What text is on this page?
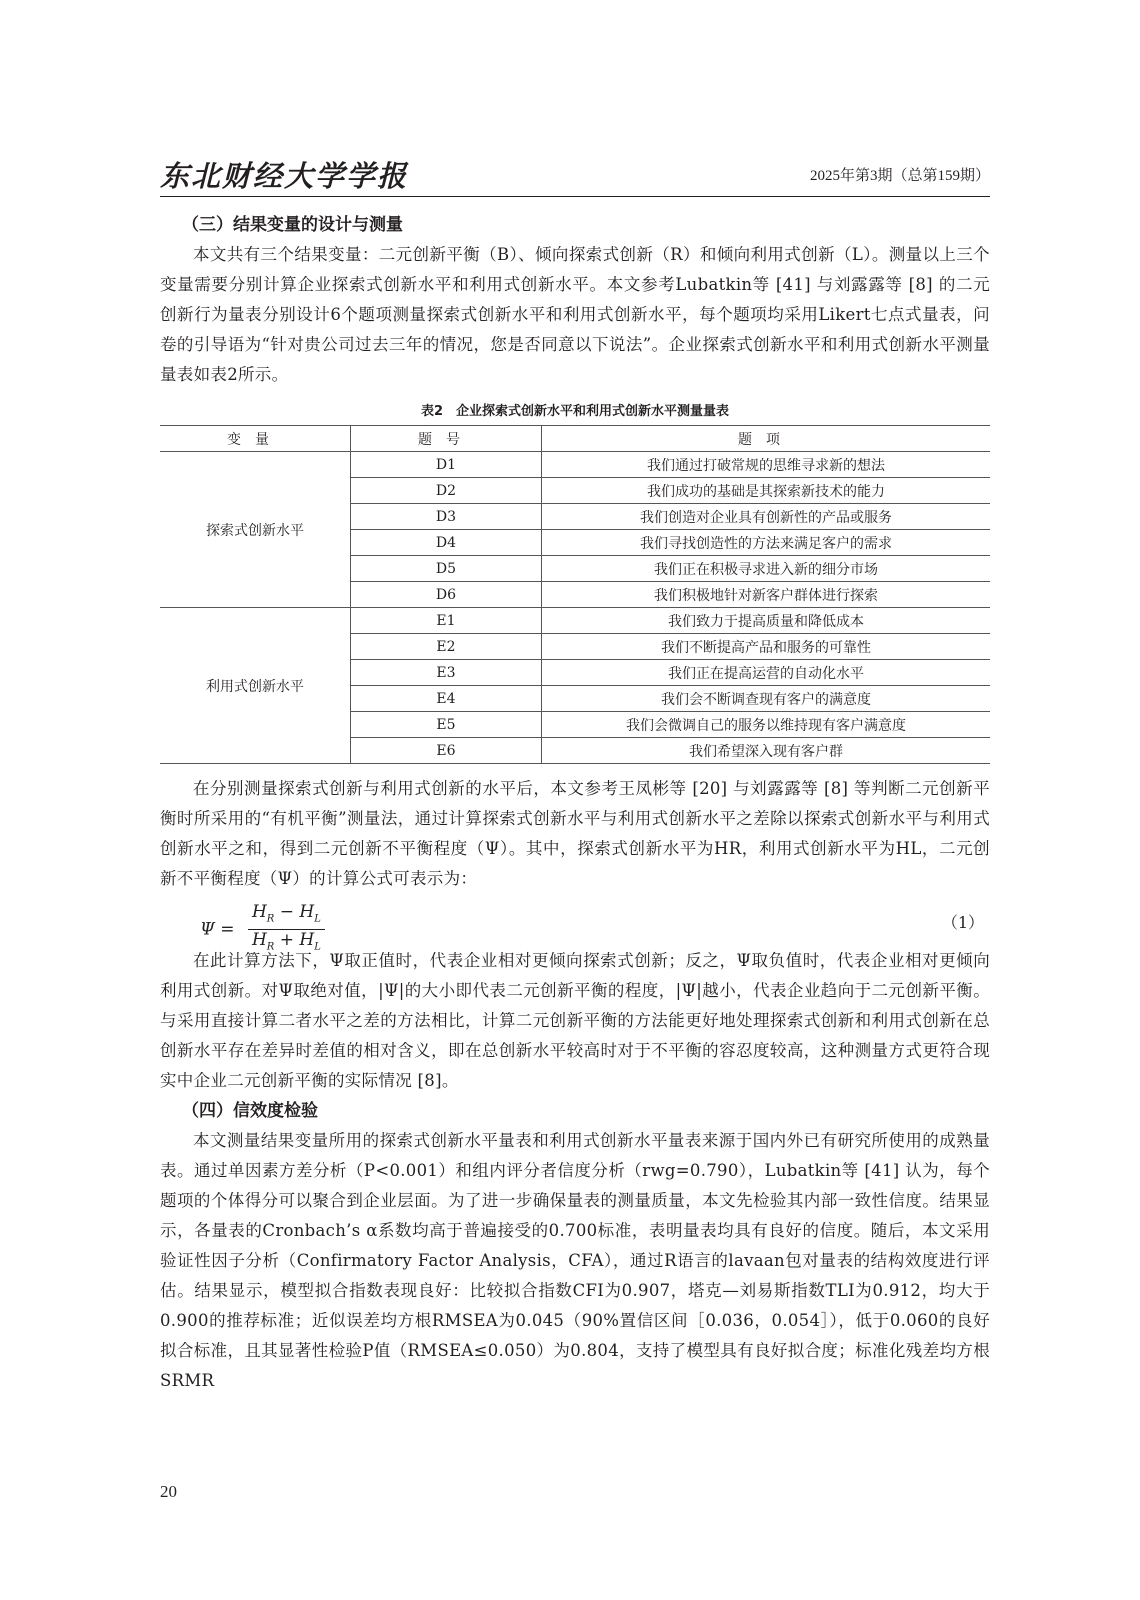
东北财经大学学报	2025年第3期（总第159期）
（三）结果变量的设计与测量

本文共有三个结果变量：二元创新平衡（B）、倾向探索式创新（R）和倾向利用式创新（L）。测量以上三个变量需要分别计算企业探索式创新水平和利用式创新水平。本文参考Lubatkin等 [41] 与刘露露等 [8] 的二元创新行为量表分别设计6个题项测量探索式创新水平和利用式创新水平，每个题项均采用Likert七点式量表，问卷的引导语为“针对贵公司过去三年的情况，您是否同意以下说法”。企业探索式创新水平和利用式创新水平测量量表如表2所示。

表2　企业探索式创新水平和利用式创新水平测量量表
变量	题号	题项
探索式创新水平	D1	我们通过打破常规的思维寻求新的想法
	D2	我们成功的基础是其探索新技术的能力
	D3	我们创造对企业具有创新性的产品或服务
	D4	我们寻找创造性的方法来满足客户的需求
	D5	我们正在积极寻求进入新的细分市场
	D6	我们积极地针对新客户群体进行探索
利用式创新水平	E1	我们致力于提高质量和降低成本
	E2	我们不断提高产品和服务的可靠性
	E3	我们正在提高运营的自动化水平
	E4	我们会不断调查现有客户的满意度
	E5	我们会微调自己的服务以维持现有客户满意度
	E6	我们希望深入现有客户群

在分别测量探索式创新与利用式创新的水平后，本文参考王凤彬等 [20] 与刘露露等 [8] 等判断二元创新平衡时所采用的“有机平衡”测量法，通过计算探索式创新水平与利用式创新水平之差除以探索式创新水平与利用式创新水平之和，得到二元创新不平衡程度（Ψ）。其中，探索式创新水平为HR，利用式创新水平为HL，二元创新不平衡程度（Ψ）的计算公式可表示为：

$\Psi = \frac{H_R - H_L}{H_R + H_L}$	（1）

在此计算方法下，Ψ取正值时，代表企业相对更倾向探索式创新；反之，Ψ取负值时，代表企业相对更倾向利用式创新。对Ψ取绝对值，|Ψ|的大小即代表二元创新平衡的程度，|Ψ|越小，代表企业趋向于二元创新平衡。与采用直接计算二者水平之差的方法相比，计算二元创新平衡的方法能更好地处理探索式创新和利用式创新在总创新水平存在差异时差值的相对含义，即在总创新水平较高时对于不平衡的容忍度较高，这种测量方式更符合现实中企业二元创新平衡的实际情况 [8]。

（四）信效度检验

本文测量结果变量所用的探索式创新水平量表和利用式创新水平量表来源于国内外已有研究所使用的成熟量表。通过单因素方差分析（P<0.001）和组内评分者信度分析（rwg=0.790），Lubatkin等 [41] 认为，每个题项的个体得分可以聚合到企业层面。为了进一步确保量表的测量质量，本文先检验其内部一致性信度。结果显示，各量表的Cronbach’s α系数均高于普遍接受的0.700标准，表明量表均具有良好的信度。随后，本文采用验证性因子分析（Confirmatory Factor Analysis，CFA），通过R语言的lavaan包对量表的结构效度进行评估。结果显示，模型拟合指数表现良好：比较拟合指数CFI为0.907，塔克—刘易斯指数TLI为0.912，均大于0.900的推荐标准；近似误差均方根RMSEA为0.045（90%置信区间［0.036，0.054］），低于0.060的良好拟合标准，且其显著性检验P值（RMSEA≤0.050）为0.804，支持了模型具有良好拟合度；标准化残差均方根SRMR

20
